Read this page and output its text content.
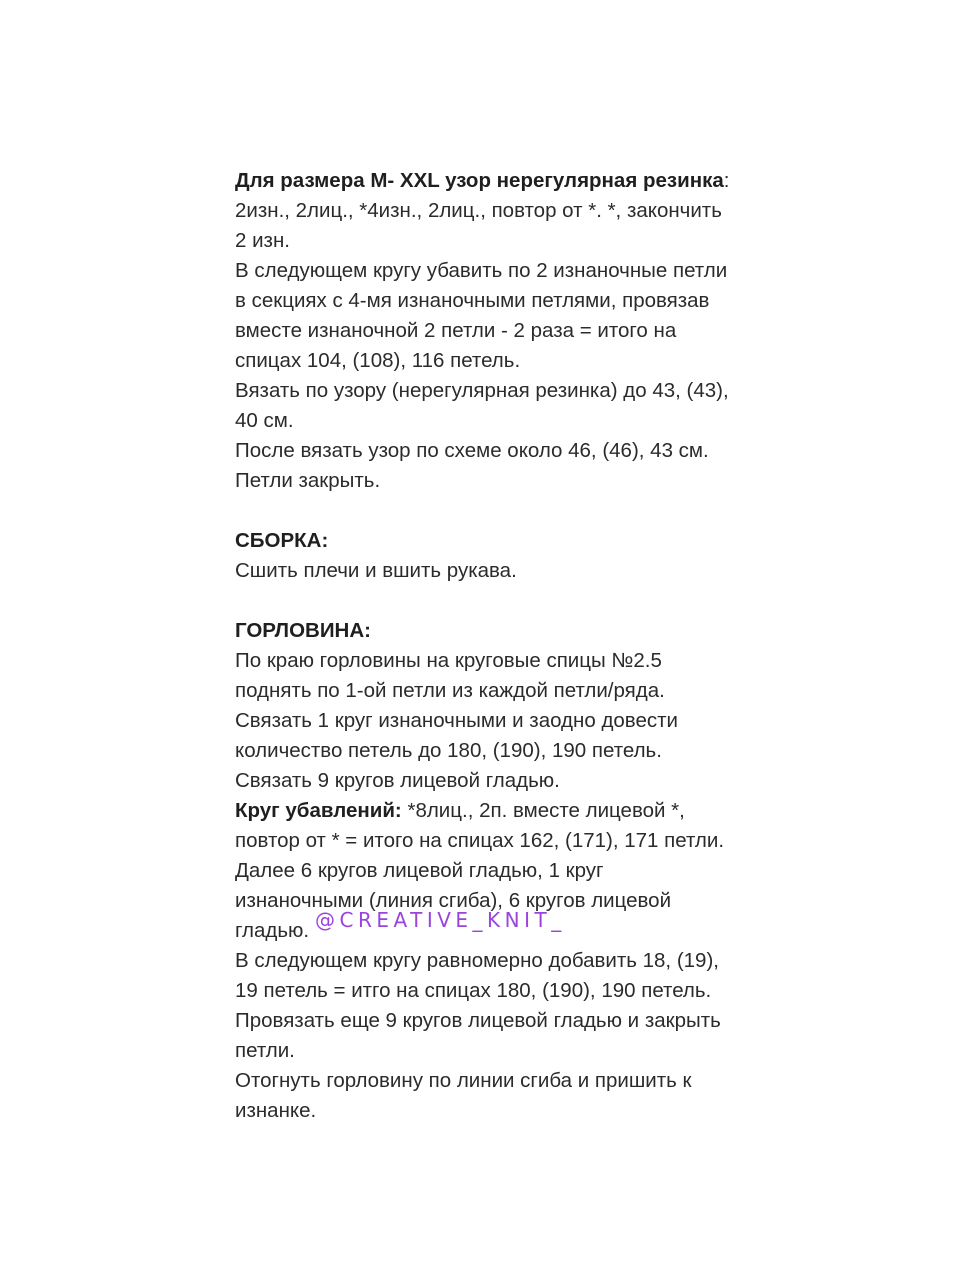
Для размера М- XXL узор нерегулярная резинка:
2изн., 2лиц., *4изн., 2лиц., повтор от *. *, закончить
2 изн.
В следующем кругу убавить по 2 изнаночные петли
в секциях с 4-мя изнаночными петлями, провязав
вместе изнаночной 2 петли - 2 раза = итого на
спицах 104, (108), 116 петель.
Вязать по узору (нерегулярная резинка) до 43, (43),
40 см.
После вязать узор по схеме около 46, (46), 43 см.
Петли закрыть.
СБОРКА:
Сшить плечи и вшить рукава.
ГОРЛОВИНА:
По краю горловины на круговые спицы №2.5
поднять по 1-ой петли из каждой петли/ряда.
Связать 1 круг изнаночными и заодно довести
количество петель до 180, (190), 190 петель.
Связать 9 кругов лицевой гладью.
Круг убавлений: *8лиц., 2п. вместе лицевой *,
повтор от * = итого на спицах 162, (171), 171 петли.
Далее 6 кругов лицевой гладью, 1 круг
изнаночными (линия сгиба), 6 кругов лицевой
гладью.
В следующем кругу равномерно добавить 18, (19),
19 петель = итго на спицах 180, (190), 190 петель.
Провязать еще 9 кругов лицевой гладью и закрыть
петли.
Отогнуть горловину по линии сгиба и пришить к
изнанке.
@CREATIVE_KNIT_
